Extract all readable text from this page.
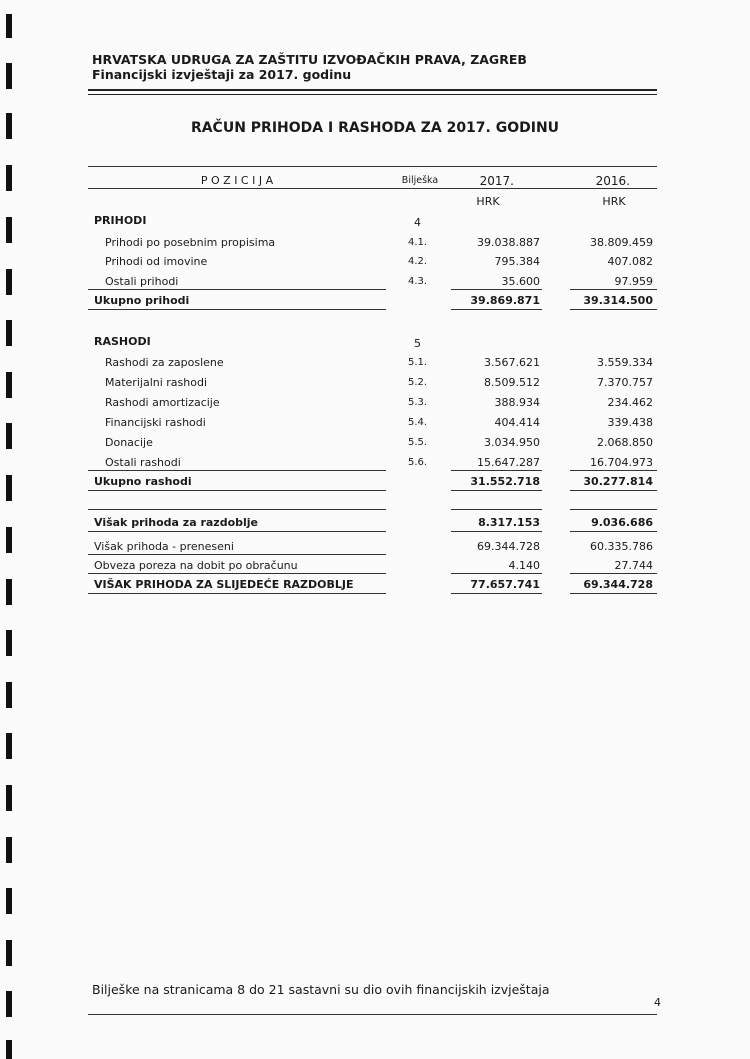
HRVATSKA UDRUGA ZA ZAŠTITU IZVOĐAČKIH PRAVA, ZAGREB
Financijski izvještaji za 2017. godinu
RAČUN PRIHODA I RASHODA ZA 2017. GODINU
P O Z I C I J A	Bilješka	2017.	2016.
HRK	HRK
PRIHODI	4
Prihodi po posebnim propisima	4.1.	39.038.887	38.809.459
Prihodi od imovine	4.2.	795.384	407.082
Ostali prihodi	4.3.	35.600	97.959
Ukupno prihodi	39.869.871	39.314.500
RASHODI	5
Rashodi za zaposlene	5.1.	3.567.621	3.559.334
Materijalni rashodi	5.2.	8.509.512	7.370.757
Rashodi amortizacije	5.3.	388.934	234.462
Financijski rashodi	5.4.	404.414	339.438
Donacije	5.5.	3.034.950	2.068.850
Ostali rashodi	5.6.	15.647.287	16.704.973
Ukupno rashodi	31.552.718	30.277.814
Višak prihoda za razdoblje	8.317.153	9.036.686
Višak prihoda - preneseni	69.344.728	60.335.786
Obveza poreza na dobit po obračunu	4.140	27.744
VIŠAK PRIHODA ZA SLIJEDEĆE RAZDOBLJE	77.657.741	69.344.728
Bilješke na stranicama 8 do 21 sastavni su dio ovih financijskih izvještaja
4
